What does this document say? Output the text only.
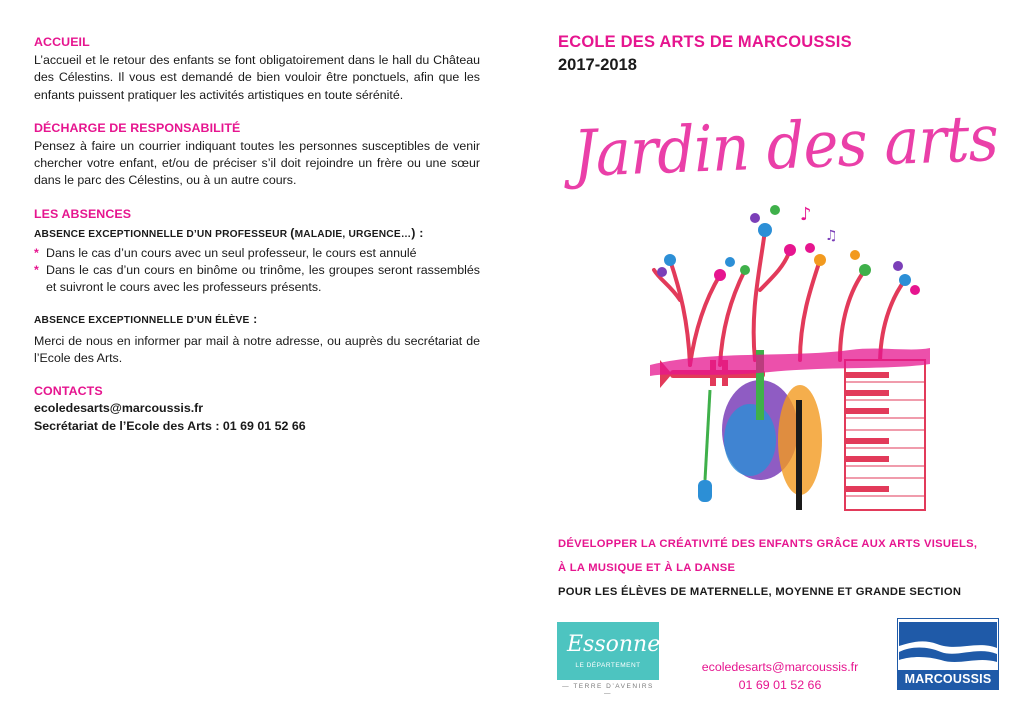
ACCUEIL

L’accueil et le retour des enfants se font obligatoirement dans le hall du Château des Célestins. Il vous est demandé de bien vouloir être ponctuels, afin que les enfants puissent pratiquer les activités artistiques en toute sérénité.

DÉCHARGE DE RESPONSABILITÉ

Pensez à faire un courrier indiquant toutes les personnes susceptibles de venir chercher votre enfant, et/ou de préciser s’il doit rejoindre un frère ou une sœur dans le parc des Célestins, ou à un autre cours.

LES ABSENCES

ABSENCE EXCEPTIONNELLE D’UN PROFESSEUR (MALADIE, URGENCE…) :

* Dans le cas d’un cours avec un seul professeur, le cours est annulé
* Dans le cas d’un cours en binôme ou trinôme, les groupes seront rassemblés et suivront le cours avec les professeurs présents.

ABSENCE EXCEPTIONNELLE D’UN ÉLÈVE :

Merci de nous en informer par mail à notre adresse, ou auprès du secrétariat de l’Ecole des Arts.

CONTACTS

ecoledesarts@marcoussis.fr

Secrétariat de l’Ecole des Arts : 01 69 01 52 66

ECOLE DES ARTS DE MARCOUSSIS
2017-2018
Jardin des arts
♪
♫
DÉVELOPPER LA CRÉATIVITÉ DES ENFANTS GRÂCE AUX ARTS VISUELS,
À LA MUSIQUE ET À LA DANSE
POUR LES ÉLÈVES DE MATERNELLE, MOYENNE ET GRANDE SECTION
Essonne
LE DÉPARTEMENT
— TERRE D’AVENIRS —
ecoledesarts@marcoussis.fr
01 69 01 52 66	MARCOUSSIS
